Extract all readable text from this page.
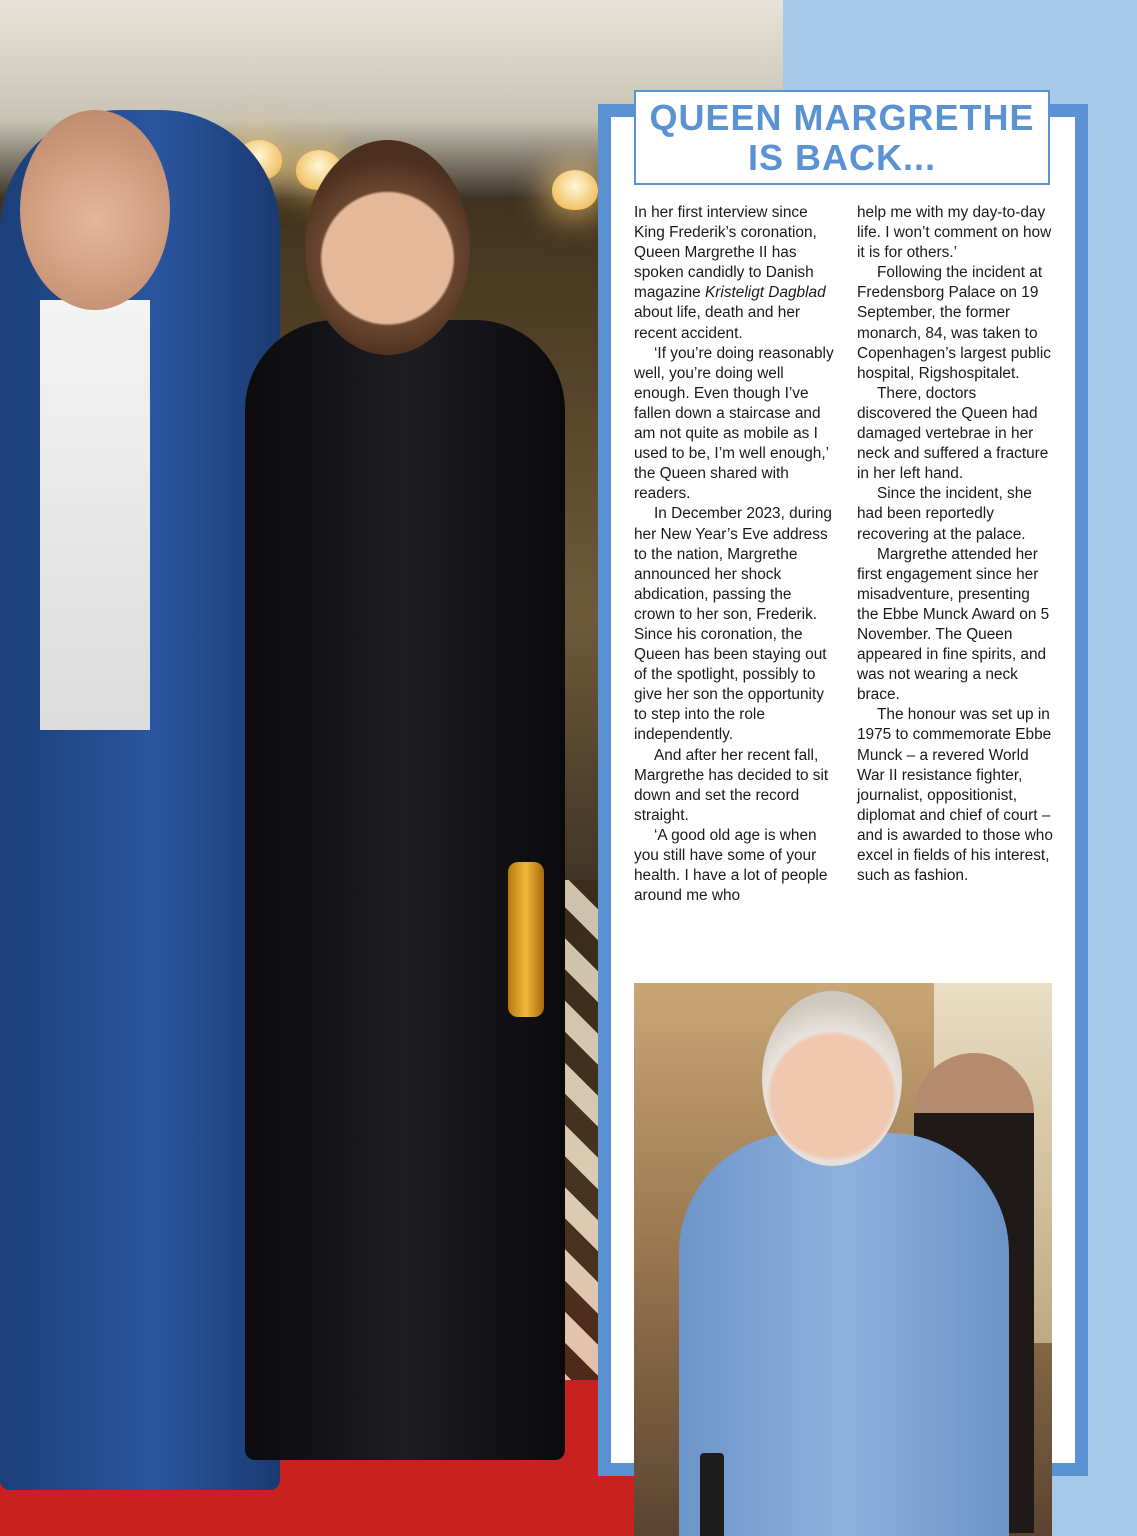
QUEEN MARGRETHE
IS BACK...

In her first interview since King Frederik’s coronation, Queen Margrethe II has spoken candidly to Danish magazine Kristeligt Dagblad about life, death and her recent accident.

‘If you’re doing reasonably well, you’re doing well enough. Even though I’ve fallen down a staircase and am not quite as mobile as I used to be, I’m well enough,’ the Queen shared with readers.

In December 2023, during her New Year’s Eve address to the nation, Margrethe announced her shock abdication, passing the crown to her son, Frederik. Since his coronation, the Queen has been staying out of the spotlight, possibly to give her son the opportunity to step into the role independently.

And after her recent fall, Margrethe has decided to sit down and set the record straight.

‘A good old age is when you still have some of your health. I have a lot of people around me who

help me with my day-to-day life. I won’t comment on how it is for others.’

Following the incident at Fredensborg Palace on 19 September, the former monarch, 84, was taken to Copenhagen’s largest public hospital, Rigshospitalet.

There, doctors discovered the Queen had damaged vertebrae in her neck and suffered a fracture in her left hand.

Since the incident, she had been reportedly recovering at the palace.

Margrethe attended her first engagement since her misadventure, presenting the Ebbe Munck Award on 5 November. The Queen appeared in fine spirits, and was not wearing a neck brace.

The honour was set up in 1975 to commemorate Ebbe Munck – a revered World War II resistance fighter, journalist, oppositionist, diplomat and chief of court – and is awarded to those who excel in fields of his interest, such as fashion.
